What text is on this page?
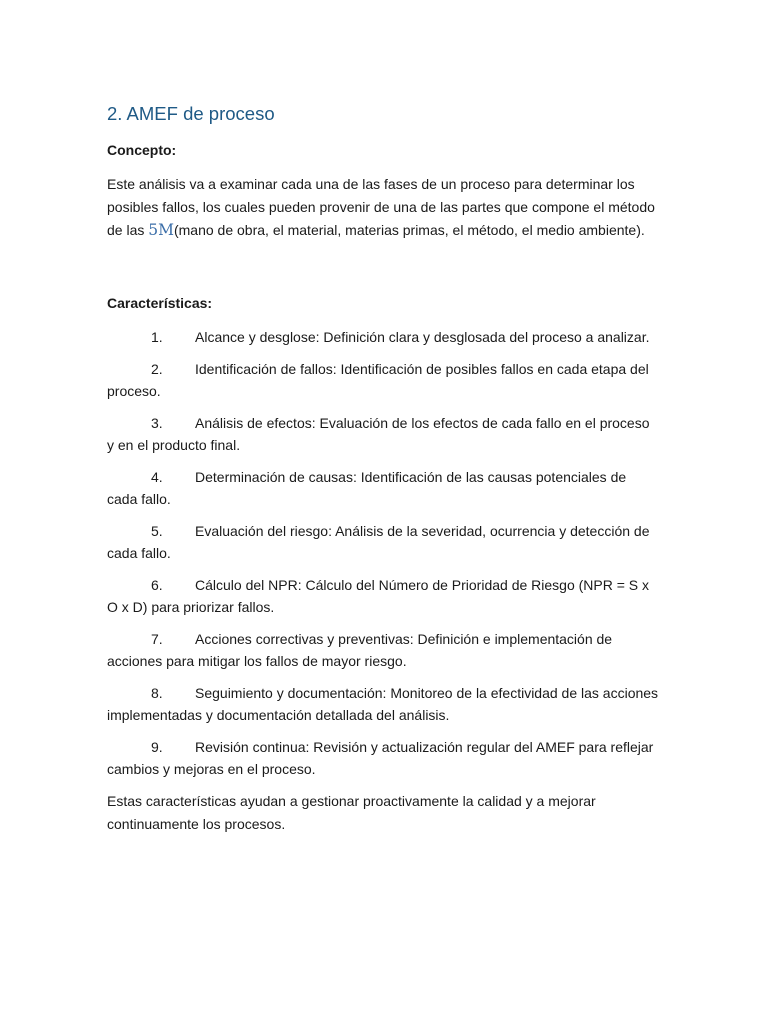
2. AMEF de proceso

Concepto:

Este análisis va a examinar cada una de las fases de un proceso para determinar los posibles fallos, los cuales pueden provenir de una de las partes que compone el método de las 5M(mano de obra, el material, materias primas, el método, el medio ambiente).

Características:

1. Alcance y desglose: Definición clara y desglosada del proceso a analizar.
2. Identificación de fallos: Identificación de posibles fallos en cada etapa del proceso.
3. Análisis de efectos: Evaluación de los efectos de cada fallo en el proceso y en el producto final.
4. Determinación de causas: Identificación de las causas potenciales de cada fallo.
5. Evaluación del riesgo: Análisis de la severidad, ocurrencia y detección de cada fallo.
6. Cálculo del NPR: Cálculo del Número de Prioridad de Riesgo (NPR = S x O x D) para priorizar fallos.
7. Acciones correctivas y preventivas: Definición e implementación de acciones para mitigar los fallos de mayor riesgo.
8. Seguimiento y documentación: Monitoreo de la efectividad de las acciones implementadas y documentación detallada del análisis.
9. Revisión continua: Revisión y actualización regular del AMEF para reflejar cambios y mejoras en el proceso.

Estas características ayudan a gestionar proactivamente la calidad y a mejorar continuamente los procesos.
